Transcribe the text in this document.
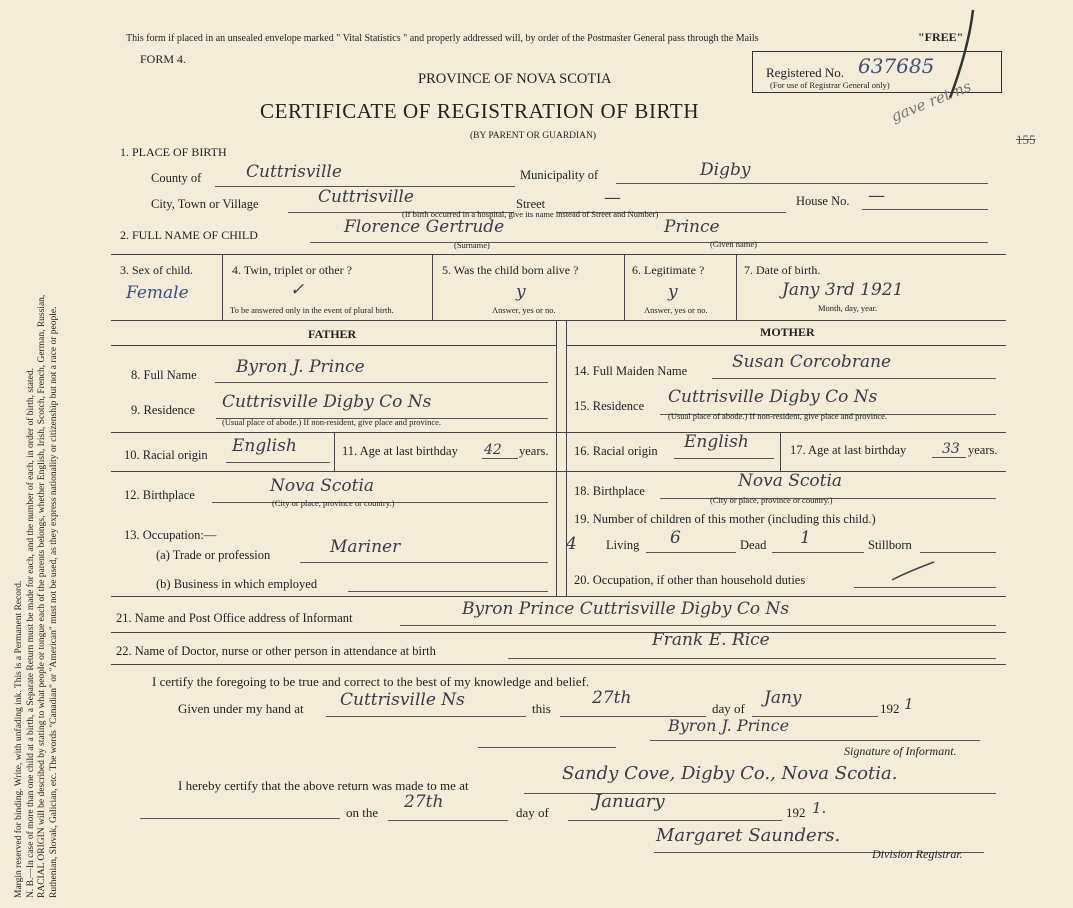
Margin reserved for binding. Write, with unfading ink. This is a Permanent Record. N. B.—In case of more than one child at a birth, a Separate Return must be made for each, and the number of each, in order of birth, stated. RACIAL ORIGIN will be described by stating to what people or tongue each of the parents belongs, whether English, Irish, Scotch, French, German, Russian, Ruthenian, Slovak, Galician, etc. The words "Canadian" or "American" must not be used, as they express nationality or citizenship but not a race or people.
This form if placed in an unsealed envelope marked " Vital Statistics " and properly addressed will, by order of the Postmaster General pass through the Mails	"FREE"
FORM 4.
PROVINCE OF NOVA SCOTIA
CERTIFICATE OF REGISTRATION OF BIRTH
(BY PARENT OR GUARDIAN)
Registered No. 637685
(For use of Registrar General only)
gave ret ns
155
1. PLACE OF BIRTH
County of	Cuttrisville	Municipality of	Digby
City, Town or Village	Cuttrisville	Street	—	House No. —
(If birth occurred in a hospital, give its name instead of Street and Number)
2. FULL NAME OF CHILD	Florence Gertrude	Prince
(Surname)	(Given name)
3. Sex of child.
Female
4. Twin, triplet or other ?
✓
To be answered only in the event of plural birth.
5. Was the child born alive ?
y
Answer, yes or no.
6. Legitimate ?
y
Answer, yes or no.
7. Date of birth.
Jany 3rd 1921
Month, day, year.
FATHER
8. Full Name Byron J. Prince
9. Residence Cuttrisville Digby Co Ns
(Usual place of abode.) If non-resident, give place and province.
10. Racial origin English	11. Age at last birthday 42 years.
12. Birthplace	Nova Scotia
(City or place, province or country.)
13. Occupation:—
(a) Trade or profession	Mariner
(b) Business in which employed
MOTHER
14. Full Maiden Name	Susan Corcobrane
15. Residence Cuttrisville Digby Co Ns
(Usual place of abode.) If non-resident, give place and province.
16. Racial origin English	17. Age at last birthday	33 years.
18. Birthplace	Nova Scotia
(City or place, province or country.)
19. Number of children of this mother (including this child.)
4 Living 6	Dead 1	Stillborn
20. Occupation, if other than household duties
21. Name and Post Office address of Informant	Byron Prince Cuttrisville Digby Co Ns
22. Name of Doctor, nurse or other person in attendance at birth
Frank E. Rice
I certify the foregoing to be true and correct to the best of my knowledge and belief.
Given under my hand at Cuttrisville Ns	this
27th
day of
Jany
192 1
Byron J. Prince
Signature of Informant.
I hereby certify that the above return was made to me at
Sandy Cove, Digby Co., Nova Scotia.
on the
27th
day of
January
192 1.
Margaret Saunders.
Division Registrar.
